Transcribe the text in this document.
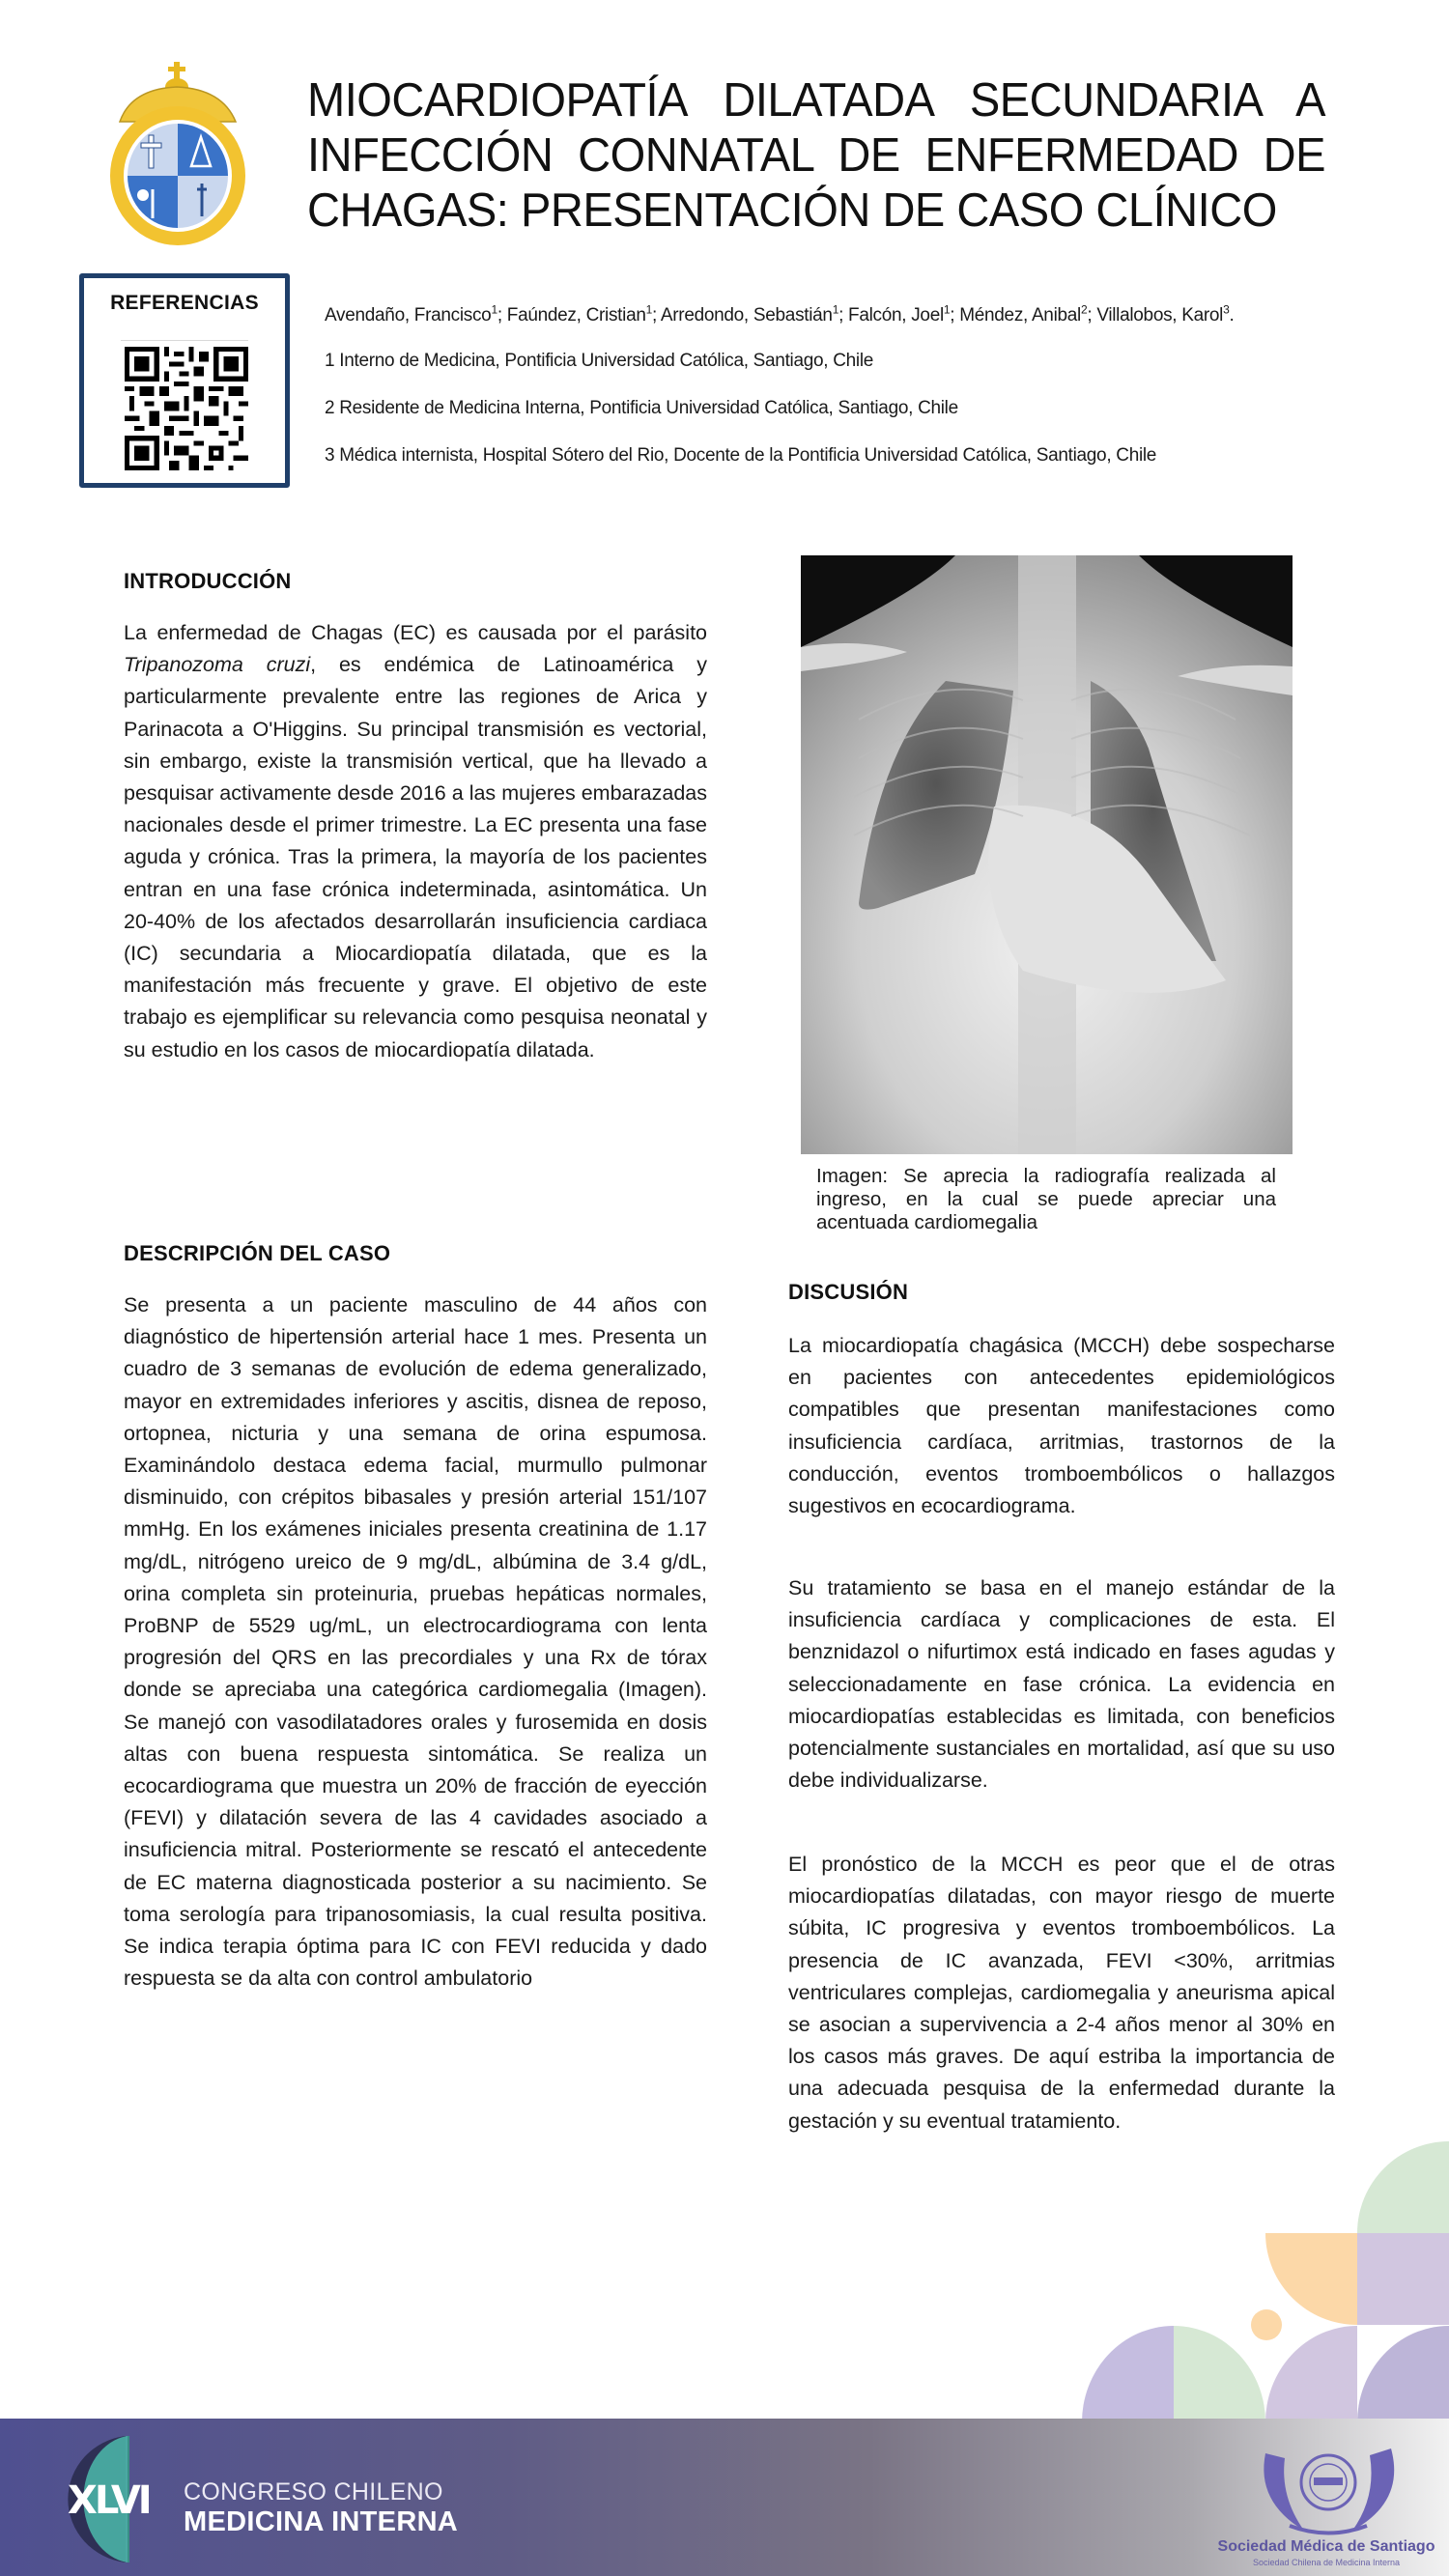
MIOCARDIOPATÍA DILATADA SECUNDARIA A INFECCIÓN CONNATAL DE ENFERMEDAD DE CHAGAS: PRESENTACIÓN DE CASO CLÍNICO
REFERENCIAS
Avendaño, Francisco$^1$; Faúndez, Cristian$^1$; Arredondo, Sebastián$^1$; Falcón, Joel$^1$; Méndez, Anibal$^2$; Villalobos, Karol$^3$.
1 Interno de Medicina, Pontificia Universidad Católica, Santiago, Chile
2 Residente de Medicina Interna, Pontificia Universidad Católica, Santiago, Chile
3 Médica internista, Hospital Sótero del Rio, Docente de la Pontificia Universidad Católica, Santiago, Chile
INTRODUCCIÓN
La enfermedad de Chagas (EC) es causada por el parásito Tripanozoma cruzi, es endémica de Latinoamérica y particularmente prevalente entre las regiones de Arica y Parinacota a O'Higgins. Su principal transmisión es vectorial, sin embargo, existe la transmisión vertical, que ha llevado a pesquisar activamente desde 2016 a las mujeres embarazadas nacionales desde el primer trimestre. La EC presenta una fase aguda y crónica. Tras la primera, la mayoría de los pacientes entran en una fase crónica indeterminada, asintomática. Un 20-40% de los afectados desarrollarán insuficiencia cardiaca (IC) secundaria a Miocardiopatía dilatada, que es la manifestación más frecuente y grave. El objetivo de este trabajo es ejemplificar su relevancia como pesquisa neonatal y su estudio en los casos de miocardiopatía dilatada.
DESCRIPCIÓN DEL CASO
Se presenta a un paciente masculino de 44 años con diagnóstico de hipertensión arterial hace 1 mes. Presenta un cuadro de 3 semanas de evolución de edema generalizado, mayor en extremidades inferiores y ascitis, disnea de reposo, ortopnea, nicturia y una semana de orina espumosa. Examinándolo destaca edema facial, murmullo pulmonar disminuido, con crépitos bibasales y presión arterial 151/107 mmHg. En los exámenes iniciales presenta creatinina de 1.17 mg/dL, nitrógeno ureico de 9 mg/dL, albúmina de 3.4 g/dL, orina completa sin proteinuria, pruebas hepáticas normales, ProBNP de 5529 ug/mL, un electrocardiograma con lenta progresión del QRS en las precordiales y una Rx de tórax donde se apreciaba una categórica cardiomegalia (Imagen). Se manejó con vasodilatadores orales y furosemida en dosis altas con buena respuesta sintomática. Se realiza un ecocardiograma que muestra un 20% de fracción de eyección (FEVI) y dilatación severa de las 4 cavidades asociado a insuficiencia mitral. Posteriormente se rescató el antecedente de EC materna diagnosticada posterior a su nacimiento. Se toma serología para tripanosomiasis, la cual resulta positiva. Se indica terapia óptima para IC con FEVI reducida y dado respuesta se da alta con control ambulatorio
Imagen: Se aprecia la radiografía realizada al ingreso, en la cual se puede apreciar una acentuada cardiomegalia
DISCUSIÓN
La miocardiopatía chagásica (MCCH) debe sospecharse en pacientes con antecedentes epidemiológicos compatibles que presentan manifestaciones como insuficiencia cardíaca, arritmias, trastornos de la conducción, eventos tromboembólicos o hallazgos sugestivos en ecocardiograma.
Su tratamiento se basa en el manejo estándar de la insuficiencia cardíaca y complicaciones de esta. El benznidazol o nifurtimox está indicado en fases agudas y seleccionadamente en fase crónica. La evidencia en miocardiopatías establecidas es limitada, con beneficios potencialmente sustanciales en mortalidad, así que su uso debe individualizarse.
El pronóstico de la MCCH es peor que el de otras miocardiopatías dilatadas, con mayor riesgo de muerte súbita, IC progresiva y eventos tromboembólicos. La presencia de IC avanzada, FEVI <30%, arritmias ventriculares complejas, cardiomegalia y aneurisma apical se asocian a supervivencia a 2-4 años menor al 30% en los casos más graves. De aquí estriba la importancia de una adecuada pesquisa de la enfermedad durante la gestación y su eventual tratamiento.
XLVI CONGRESO CHILENO
MEDICINA INTERNA
Sociedad Médica de Santiago
Sociedad Chilena de Medicina Interna
